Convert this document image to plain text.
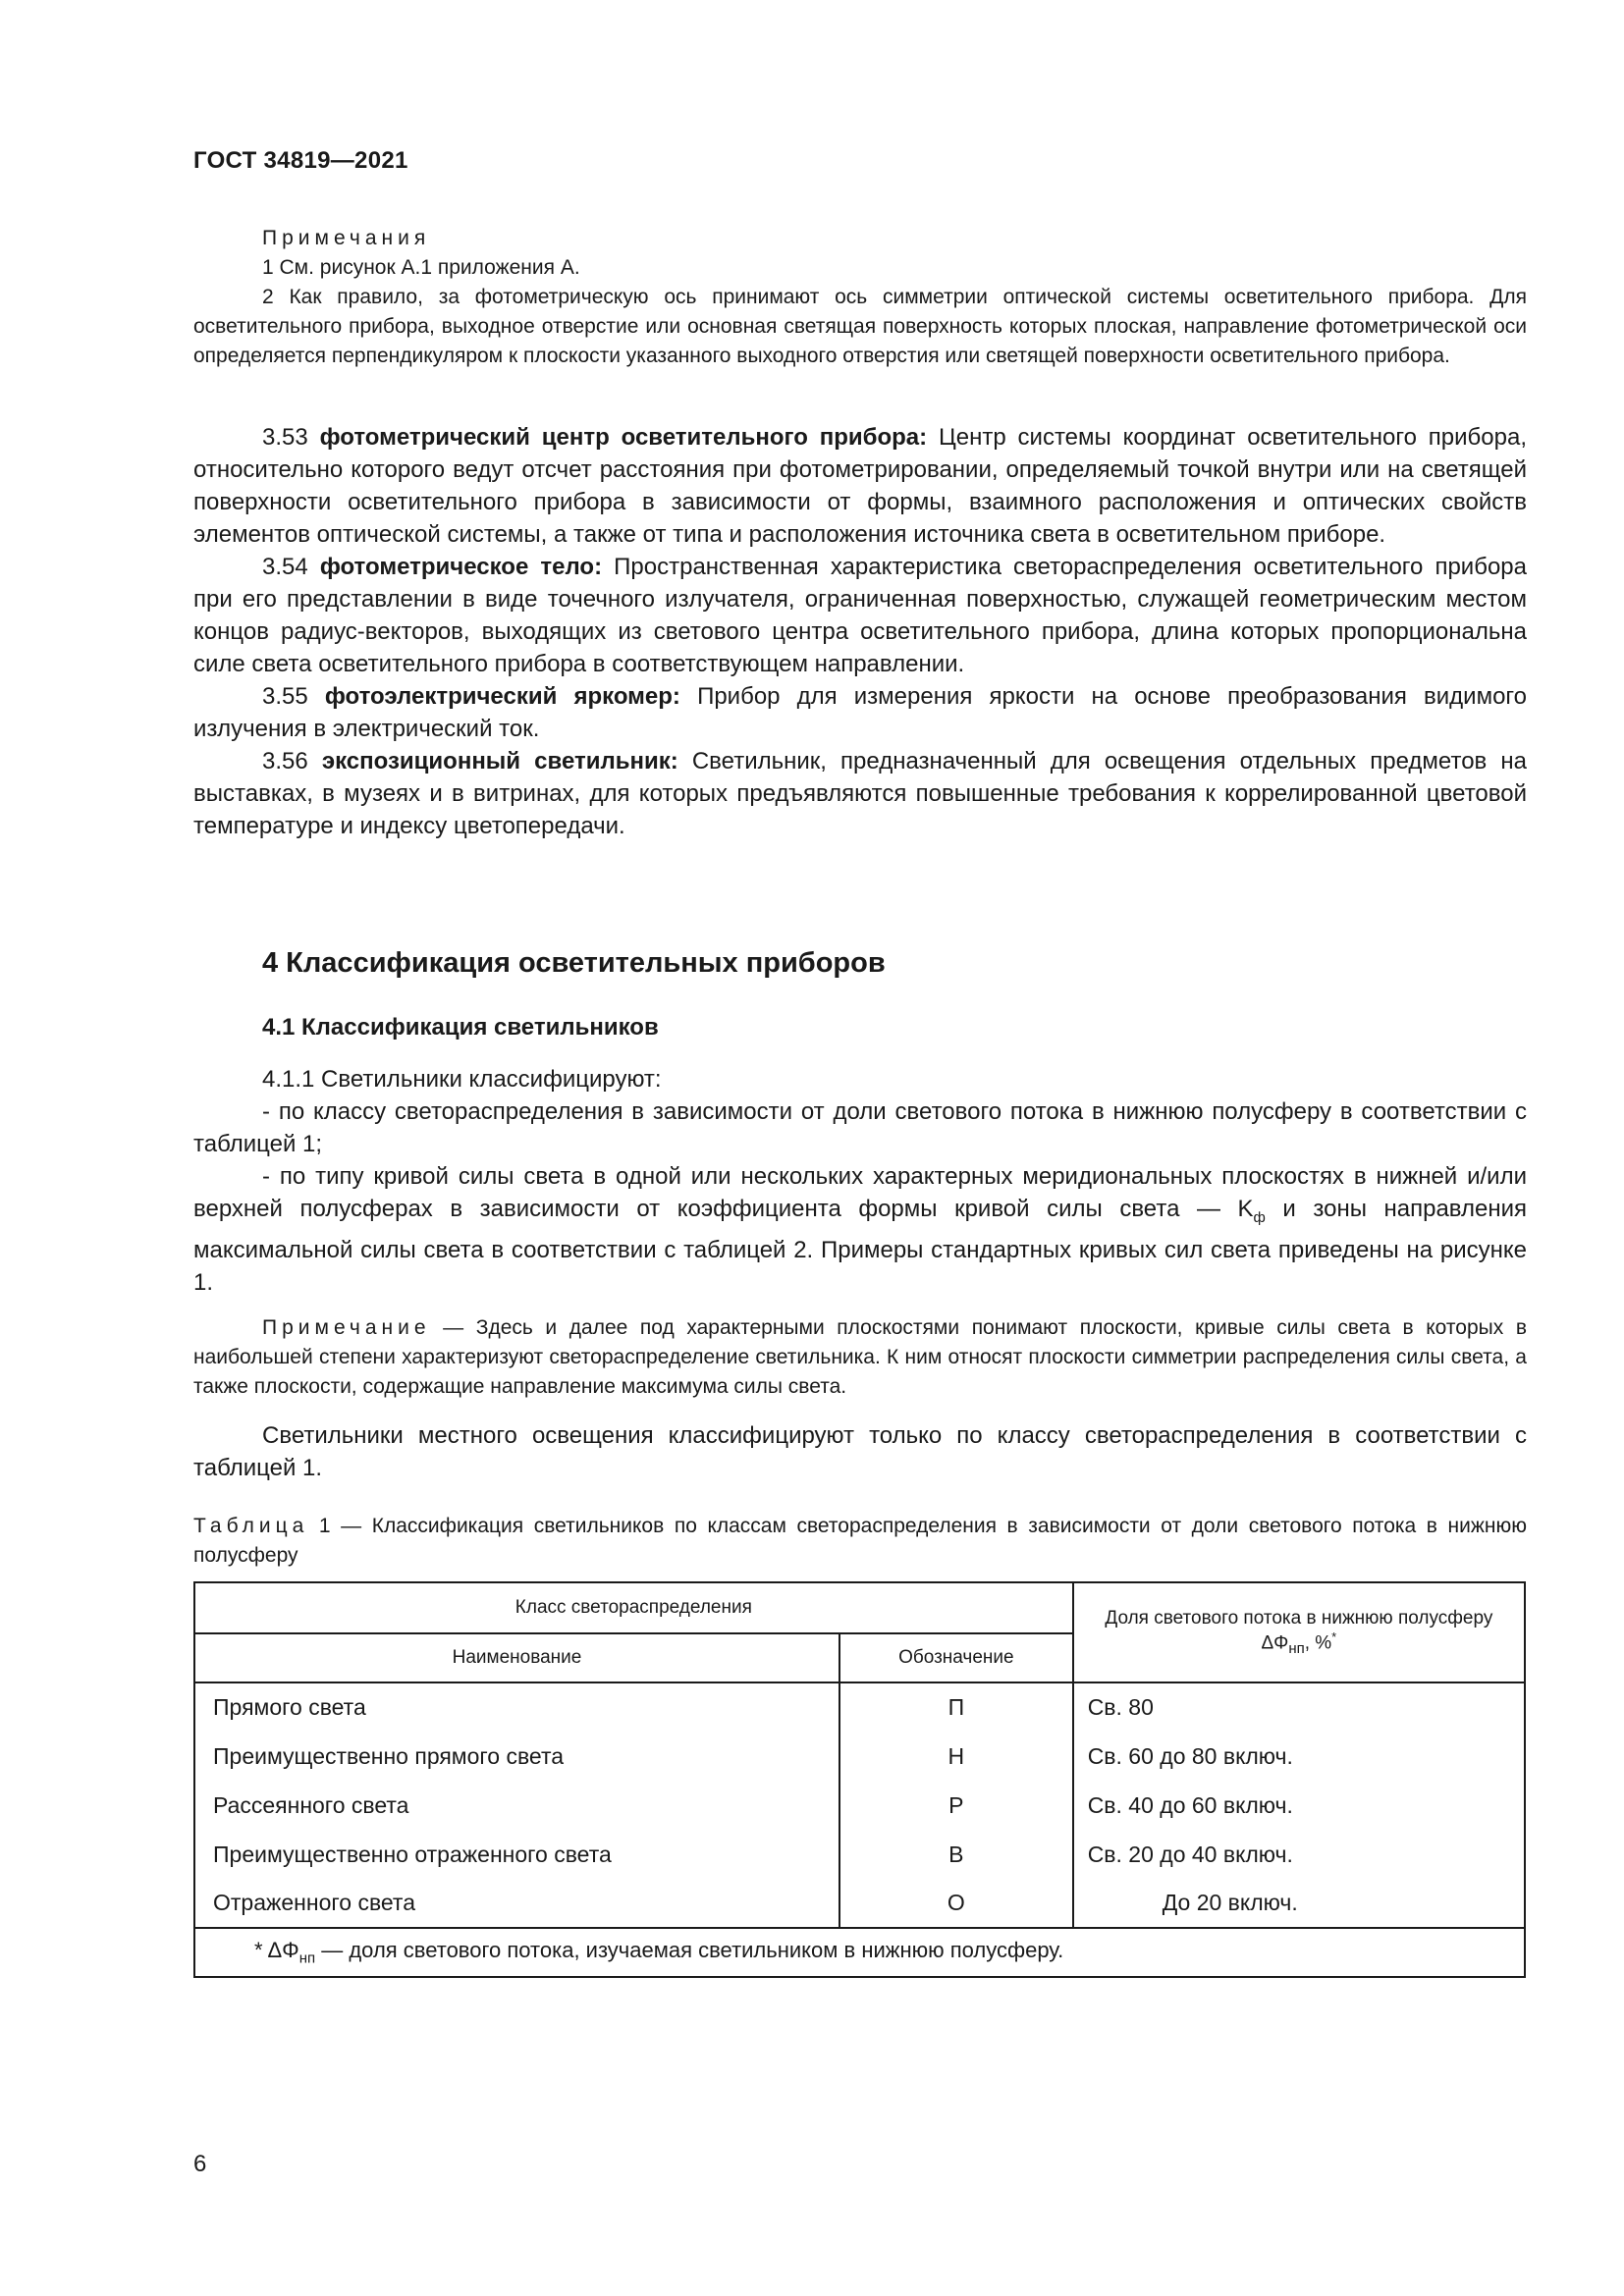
ГОСТ 34819—2021
Примечания
1 См. рисунок А.1 приложения А.
2 Как правило, за фотометрическую ось принимают ось симметрии оптической системы осветительного прибора. Для осветительного прибора, выходное отверстие или основная светящая поверхность которых плоская, направление фотометрической оси определяется перпендикуляром к плоскости указанного выходного отверстия или светящей поверхности осветительного прибора.

3.53 фотометрический центр осветительного прибора: Центр системы координат осветительного прибора, относительно которого ведут отсчет расстояния при фотометрировании, определяемый точкой внутри или на светящей поверхности осветительного прибора в зависимости от формы, взаимного расположения и оптических свойств элементов оптической системы, а также от типа и расположения источника света в осветительном приборе.

3.54 фотометрическое тело: Пространственная характеристика светораспределения осветительного прибора при его представлении в виде точечного излучателя, ограниченная поверхностью, служащей геометрическим местом концов радиус-векторов, выходящих из светового центра осветительного прибора, длина которых пропорциональна силе света осветительного прибора в соответствующем направлении.

3.55 фотоэлектрический яркомер: Прибор для измерения яркости на основе преобразования видимого излучения в электрический ток.

3.56 экспозиционный светильник: Светильник, предназначенный для освещения отдельных предметов на выставках, в музеях и в витринах, для которых предъявляются повышенные требования к коррелированной цветовой температуре и индексу цветопередачи.

4 Классификация осветительных приборов
4.1 Классификация светильников

4.1.1 Светильники классифицируют:

- по классу светораспределения в зависимости от доли светового потока в нижнюю полусферу в соответствии с таблицей 1;

- по типу кривой силы света в одной или нескольких характерных меридиональных плоскостях в нижней и/или верхней полусферах в зависимости от коэффициента формы кривой силы света — $K_ф$ и зоны направления максимальной силы света в соответствии с таблицей 2. Примеры стандартных кривых сил света приведены на рисунке 1.

Примечание — Здесь и далее под характерными плоскостями понимают плоскости, кривые силы света в которых в наибольшей степени характеризуют светораспределение светильника. К ним относят плоскости симметрии распределения силы света, а также плоскости, содержащие направление максимума силы света.

Светильники местного освещения классифицируют только по классу светораспределения в соответствии с таблицей 1.

Таблица 1 — Классификация светильников по классам светораспределения в зависимости от доли светового потока в нижнюю полусферу
Класс светораспределения		Доля светового потока в нижнюю полусферу $\Delta\Phi_{нп}$, %*
Наименование	Обозначение	
Прямого света	П	Св. 80
Преимущественно прямого света	Н	Св. 60 до 80 включ.
Рассеянного света	Р	Св. 40 до 60 включ.
Преимущественно отраженного света	В	Св. 20 до 40 включ.
Отраженного света	О	До 20 включ.
* $\Delta\Phi_{нп}$ — доля светового потока, изучаемая светильником в нижнюю полусферу.		
6
